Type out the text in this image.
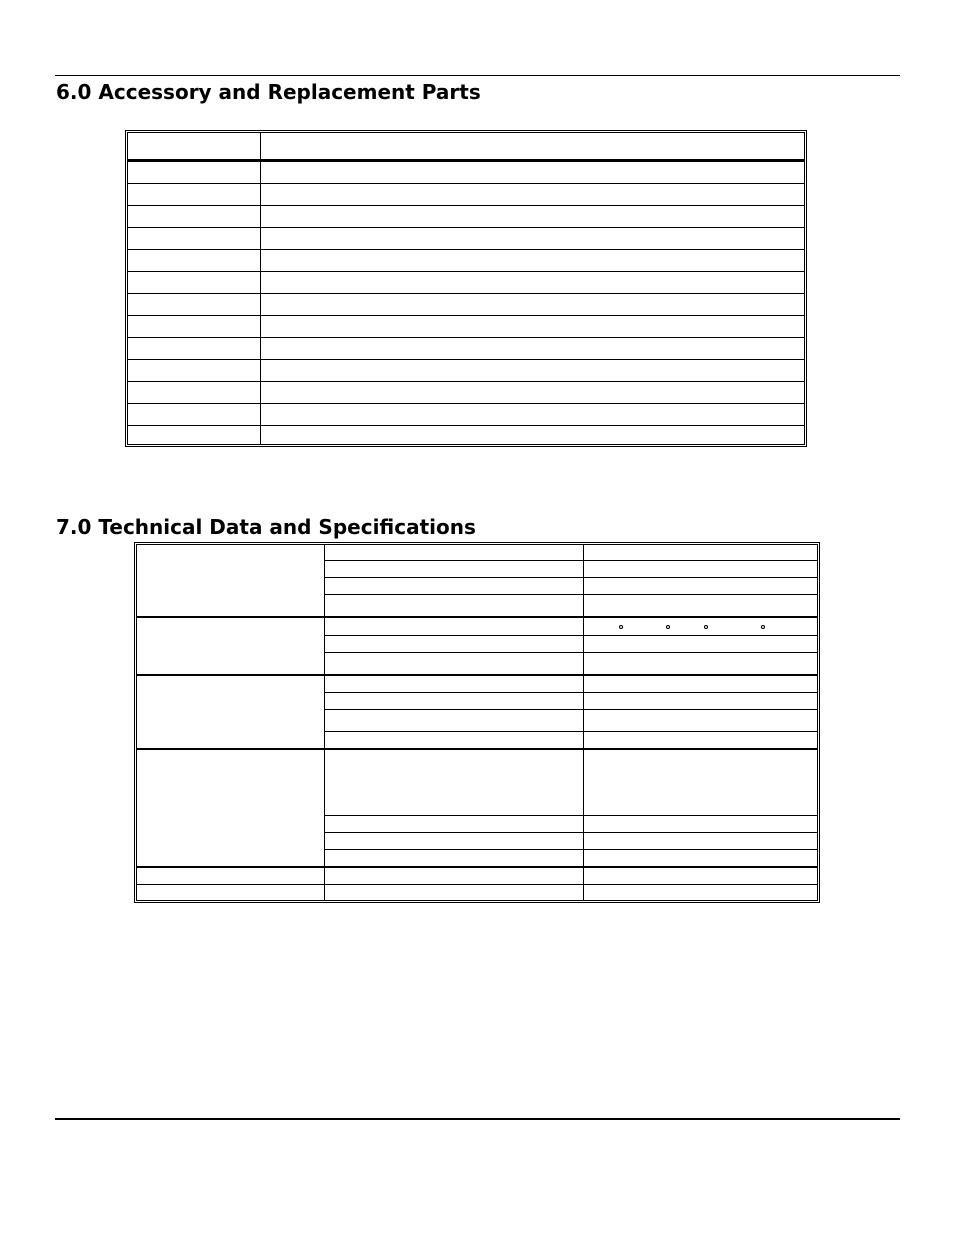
6.0 Accessory and Replacement Parts
7.0 Technical Data and Specifications
